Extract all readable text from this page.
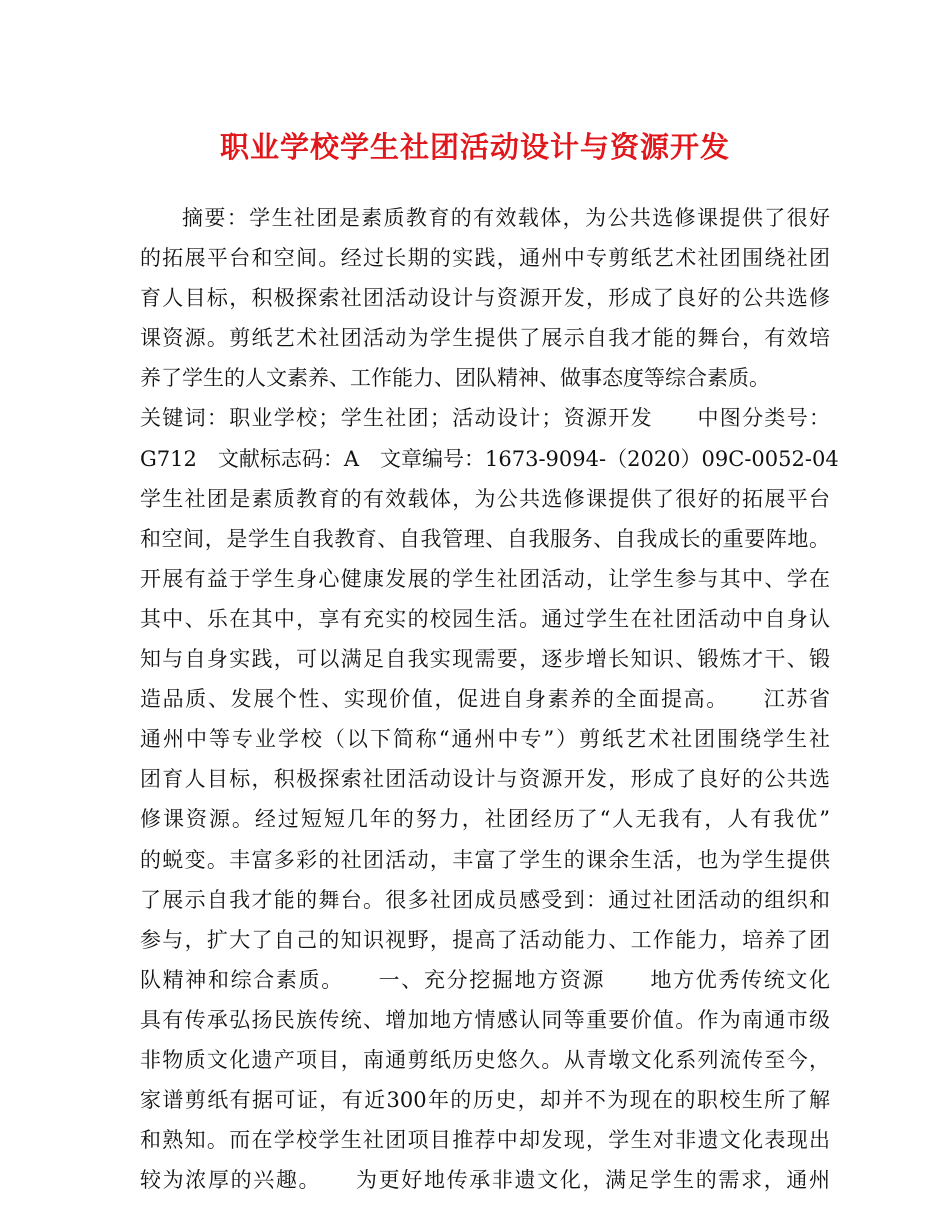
职业学校学生社团活动设计与资源开发
摘要：学生社团是素质教育的有效载体，为公共选修课提供了很好
的拓展平台和空间。经过长期的实践，通州中专剪纸艺术社团围绕社团
育人目标，积极探索社团活动设计与资源开发，形成了良好的公共选修
课资源。剪纸艺术社团活动为学生提供了展示自我才能的舞台，有效培
养了学生的人文素养、工作能力、团队精神、做事态度等综合素质。
关键词：职业学校；学生社团；活动设计；资源开发　　中图分类号：
G712　文献标志码：A　文章编号：1673-9094-（2020）09C-0052-04
学生社团是素质教育的有效载体，为公共选修课提供了很好的拓展平台
和空间，是学生自我教育、自我管理、自我服务、自我成长的重要阵地。
开展有益于学生身心健康发展的学生社团活动，让学生参与其中、学在
其中、乐在其中，享有充实的校园生活。通过学生在社团活动中自身认
知与自身实践，可以满足自我实现需要，逐步增长知识、锻炼才干、锻
造品质、发展个性、实现价值，促进自身素养的全面提高。　　江苏省
通州中等专业学校（以下简称“通州中专”）剪纸艺术社团围绕学生社
团育人目标，积极探索社团活动设计与资源开发，形成了良好的公共选
修课资源。经过短短几年的努力，社团经历了“人无我有，人有我优”
的蜕变。丰富多彩的社团活动，丰富了学生的课余生活，也为学生提供
了展示自我才能的舞台。很多社团成员感受到：通过社团活动的组织和
参与，扩大了自己的知识视野，提高了活动能力、工作能力，培养了团
队精神和综合素质。　　一、充分挖掘地方资源　　地方优秀传统文化
具有传承弘扬民族传统、增加地方情感认同等重要价值。作为南通市级
非物质文化遗产项目，南通剪纸历史悠久。从青墩文化系列流传至今，
家谱剪纸有据可证，有近300年的历史，却并不为现在的职校生所了解
和熟知。而在学校学生社团项目推荐中却发现，学生对非遗文化表现出
较为浓厚的兴趣。　　为更好地传承非遗文化，满足学生的需求，通州
